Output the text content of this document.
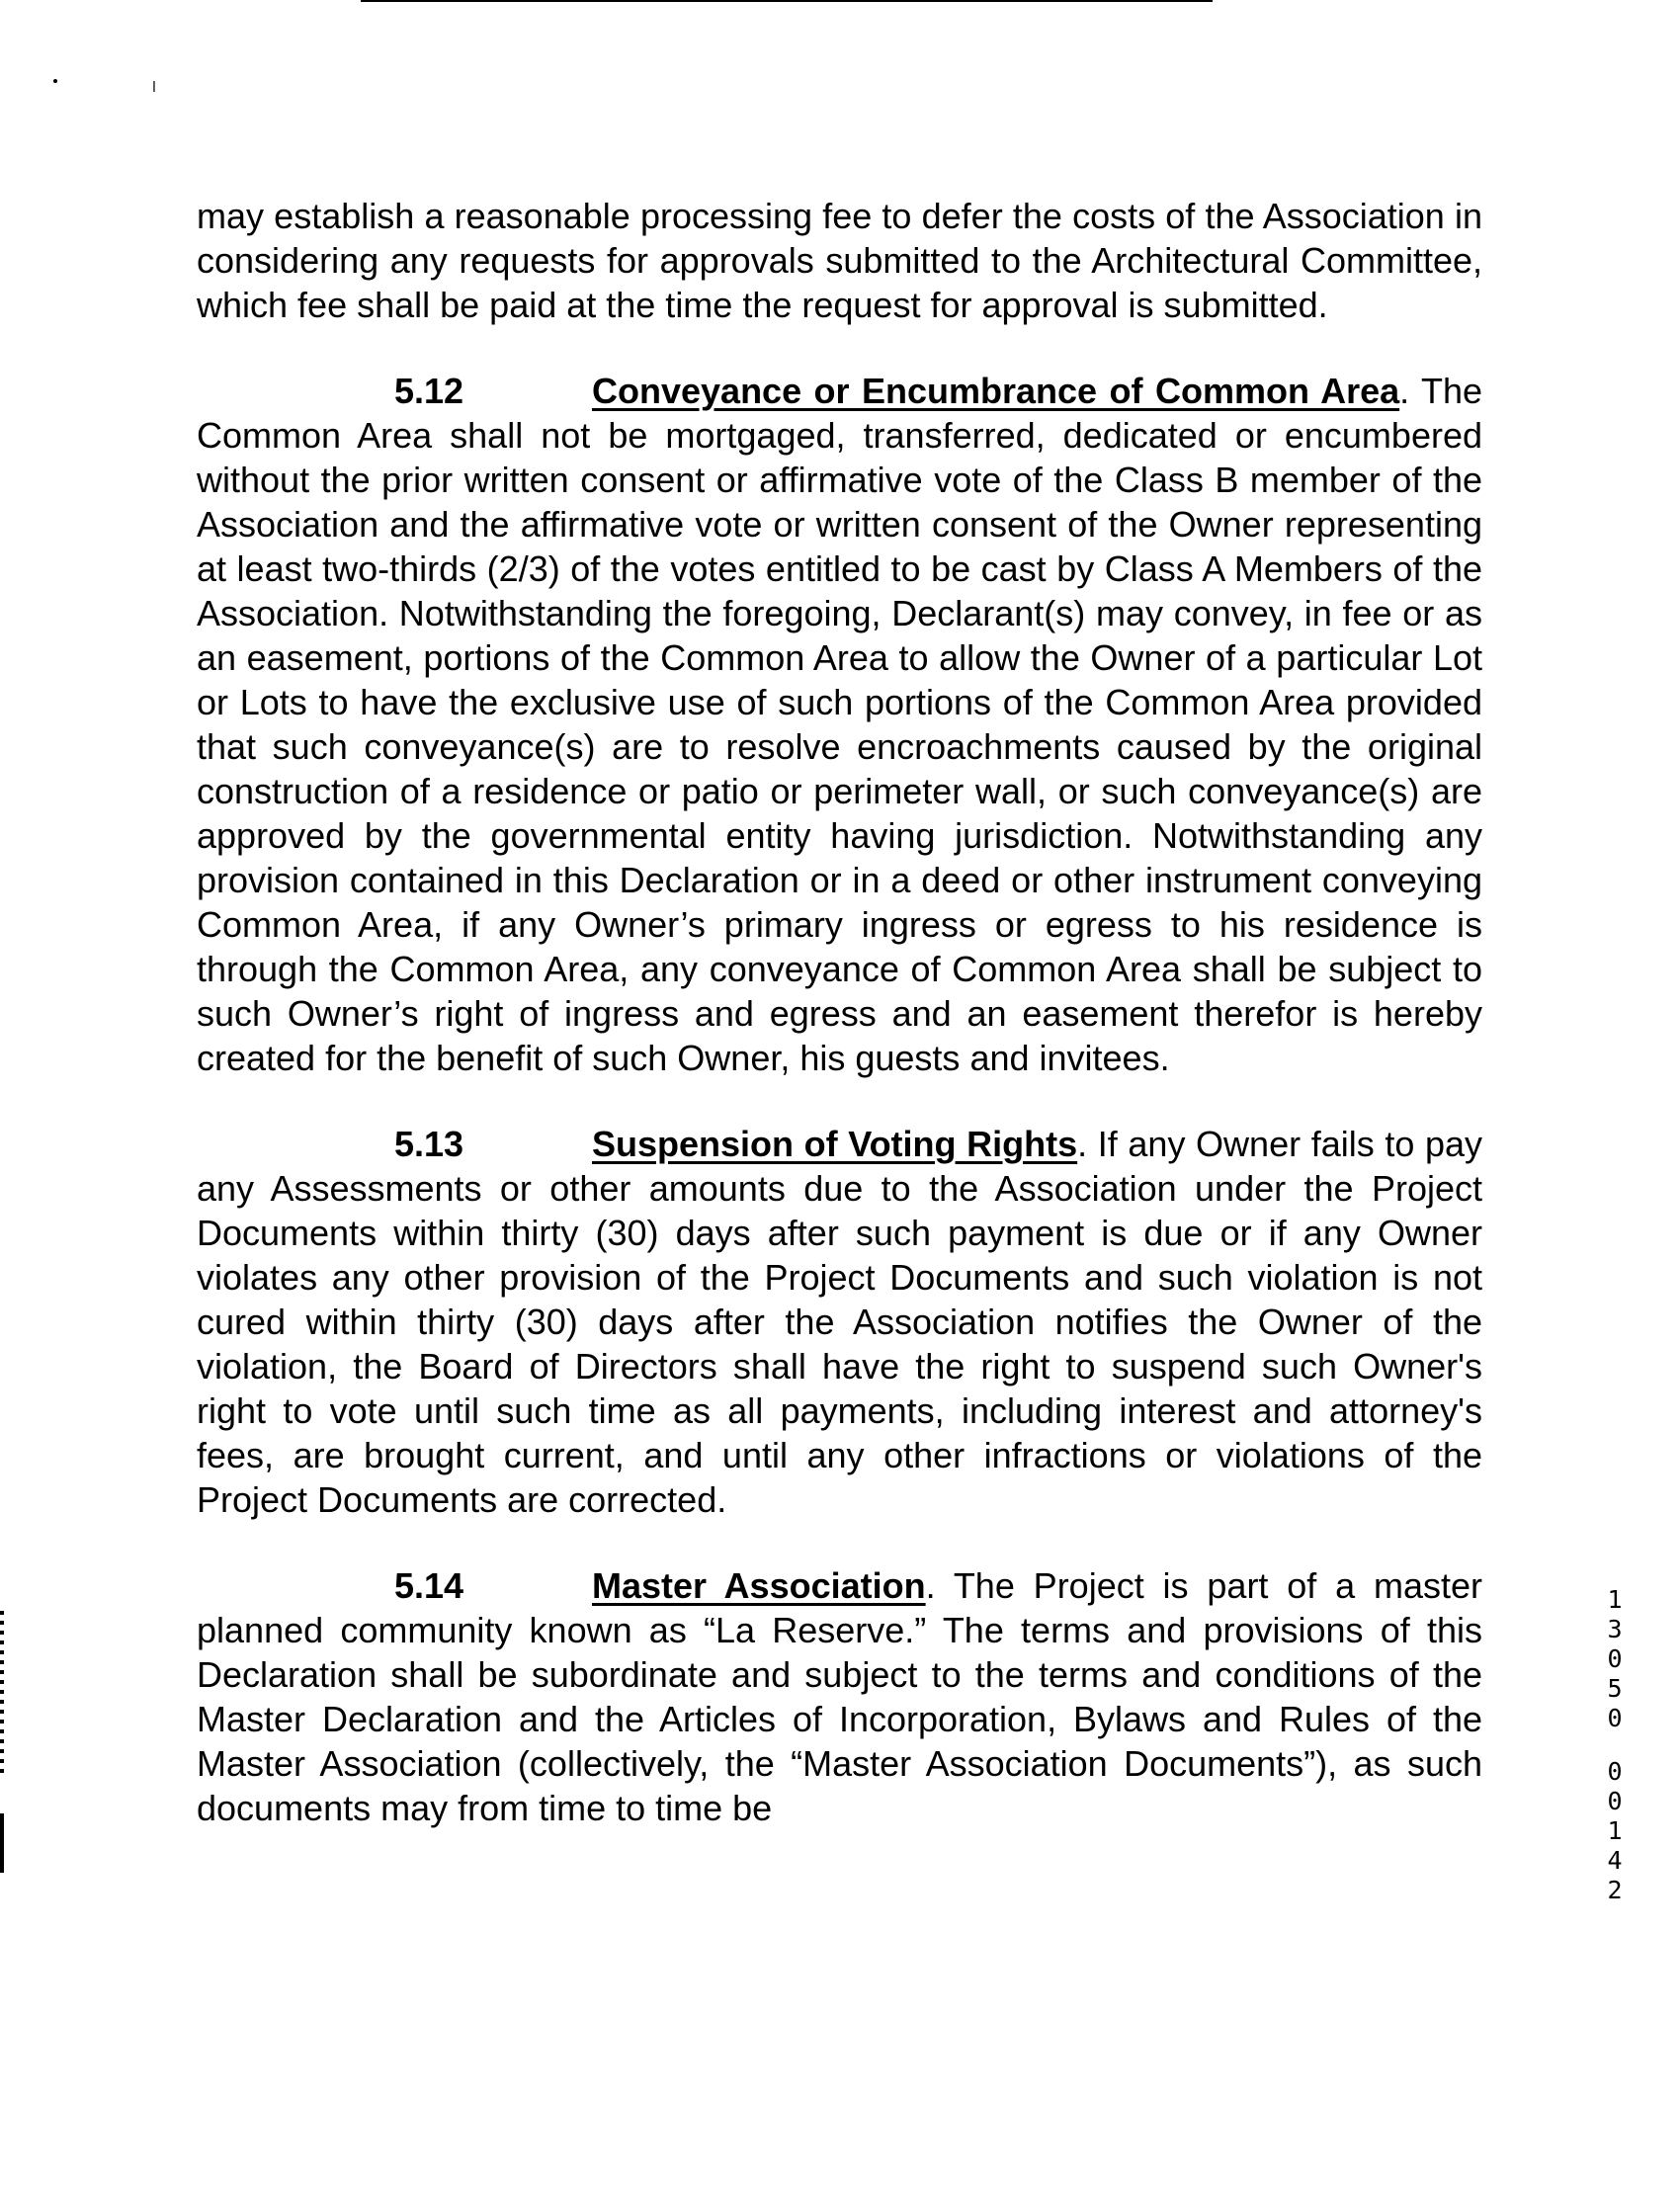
ꞁ

may establish a reasonable processing fee to defer the costs of the Association in considering any requests for approvals submitted to the Architectural Committee, which fee shall be paid at the time the request for approval is submitted.

5.12	Conveyance or Encumbrance of Common Area. The Common Area shall not be mortgaged, transferred, dedicated or encumbered without the prior written consent or affirmative vote of the Class B member of the Association and the affirmative vote or written consent of the Owner representing at least two-thirds (2/3) of the votes entitled to be cast by Class A Members of the Association. Notwithstanding the foregoing, Declarant(s) may convey, in fee or as an easement, portions of the Common Area to allow the Owner of a particular Lot or Lots to have the exclusive use of such portions of the Common Area provided that such conveyance(s) are to resolve encroachments caused by the original construction of a residence or patio or perimeter wall, or such conveyance(s) are approved by the governmental entity having jurisdiction. Notwithstanding any provision contained in this Declaration or in a deed or other instrument conveying Common Area, if any Owner’s primary ingress or egress to his residence is through the Common Area, any conveyance of Common Area shall be subject to such Owner’s right of ingress and egress and an easement therefor is hereby created for the benefit of such Owner, his guests and invitees.

5.13	Suspension of Voting Rights. If any Owner fails to pay any Assessments or other amounts due to the Association under the Project Documents within thirty (30) days after such payment is due or if any Owner violates any other provision of the Project Documents and such violation is not cured within thirty (30) days after the Association notifies the Owner of the violation, the Board of Directors shall have the right to suspend such Owner's right to vote until such time as all payments, including interest and attorney's fees, are brought current, and until any other infractions or violations of the Project Documents are corrected.

5.14	Master Association. The Project is part of a master planned community known as “La Reserve.” The terms and provisions of this Declaration shall be subordinate and subject to the terms and conditions of the Master Declaration and the Articles of Incorporation, Bylaws and Rules of the Master Association (collectively, the “Master Association Documents”), as such documents may from time to time be

1
3
0
5
0
0
0
1
4
2
